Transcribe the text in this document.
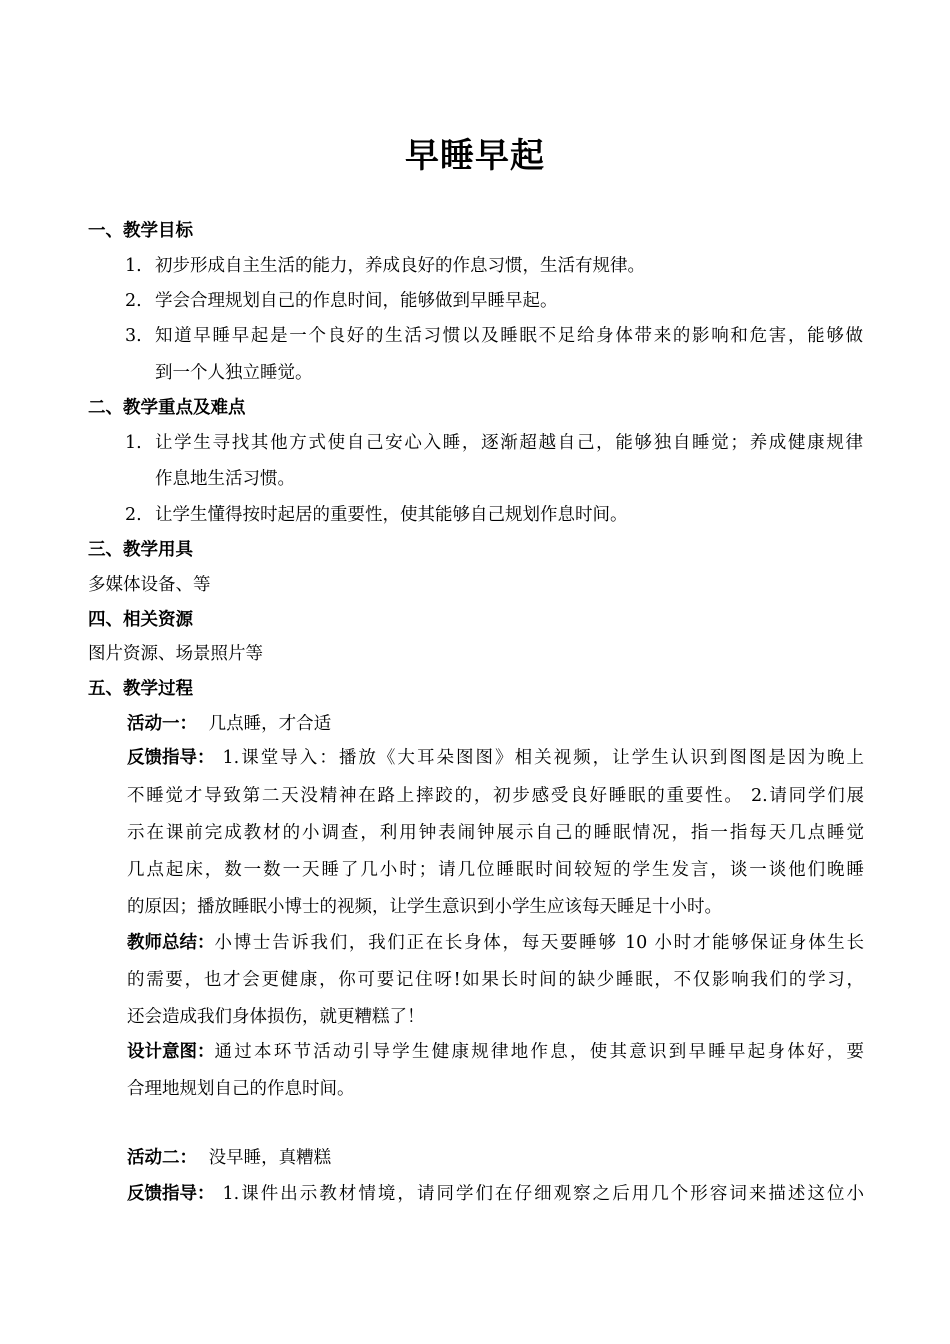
早睡早起
一、教学目标
1. 初步形成自主生活的能力，养成良好的作息习惯，生活有规律。
2. 学会合理规划自己的作息时间，能够做到早睡早起。
3. 知道早睡早起是一个良好的生活习惯以及睡眠不足给身体带来的影响和危害，能够做
到一个人独立睡觉。
二、教学重点及难点
1. 让学生寻找其他方式使自己安心入睡，逐渐超越自己，能够独自睡觉；养成健康规律
作息地生活习惯。
2. 让学生懂得按时起居的重要性，使其能够自己规划作息时间。
三、教学用具
多媒体设备、等
四、相关资源
图片资源、场景照片等
五、教学过程
活动一： 几点睡，才合适
反馈指导： 1.课堂导入：播放《大耳朵图图》相关视频，让学生认识到图图是因为晚上
不睡觉才导致第二天没精神在路上摔跤的，初步感受良好睡眠的重要性。 2.请同学们展
示在课前完成教材的小调查，利用钟表闹钟展示自己的睡眠情况，指一指每天几点睡觉
几点起床，数一数一天睡了几小时；请几位睡眠时间较短的学生发言，谈一谈他们晚睡
的原因；播放睡眠小博士的视频，让学生意识到小学生应该每天睡足十小时。
教师总结： 小博士告诉我们，我们正在长身体，每天要睡够 10 小时才能够保证身体生长
的需要，也才会更健康，你可要记住呀!如果长时间的缺少睡眠，不仅影响我们的学习，
还会造成我们身体损伤，就更糟糕了！
设计意图： 通过本环节活动引导学生健康规律地作息，使其意识到早睡早起身体好，要
合理地规划自己的作息时间。
活动二： 没早睡，真糟糕
反馈指导： 1.课件出示教材情境，请同学们在仔细观察之后用几个形容词来描述这位小
